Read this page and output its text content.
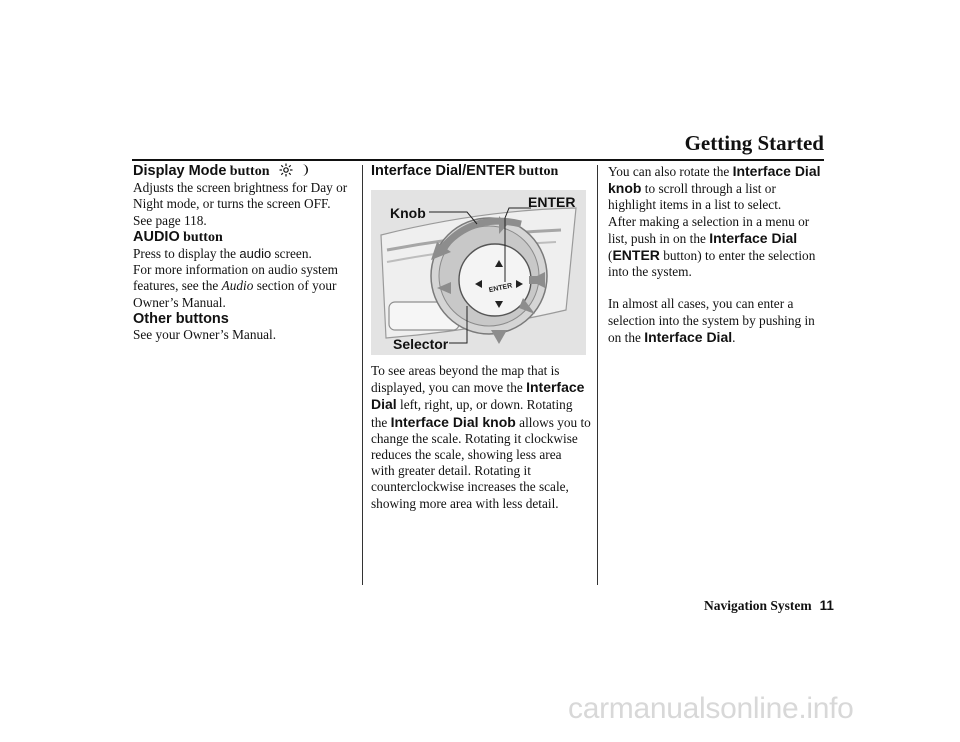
Getting Started

Display Mode button

Adjusts the screen brightness for Day or

Night mode, or turns the screen OFF.

See page 118.

AUDIO button

Press to display the audio screen.

For more information on audio system

features, see the Audio section of your

Owner’s Manual.

Other buttons

See your Owner’s Manual.

Interface Dial/ENTER button

ENTER
Knob
ENTER
Selector

To see areas beyond the map that is

displayed, you can move the Interface

Dial left, right, up, or down. Rotating

the Interface Dial knob allows you to

change the scale. Rotating it clockwise

reduces the scale, showing less area

with greater detail. Rotating it

counterclockwise increases the scale,

showing more area with less detail.

You can also rotate the Interface Dial

knob to scroll through a list or

highlight items in a list to select.

After making a selection in a menu or

list, push in on the Interface Dial

(ENTER button) to enter the selection

into the system.

In almost all cases, you can enter a

selection into the system by pushing in

on the Interface Dial.

Navigation System 11
carmanualsonline.info
